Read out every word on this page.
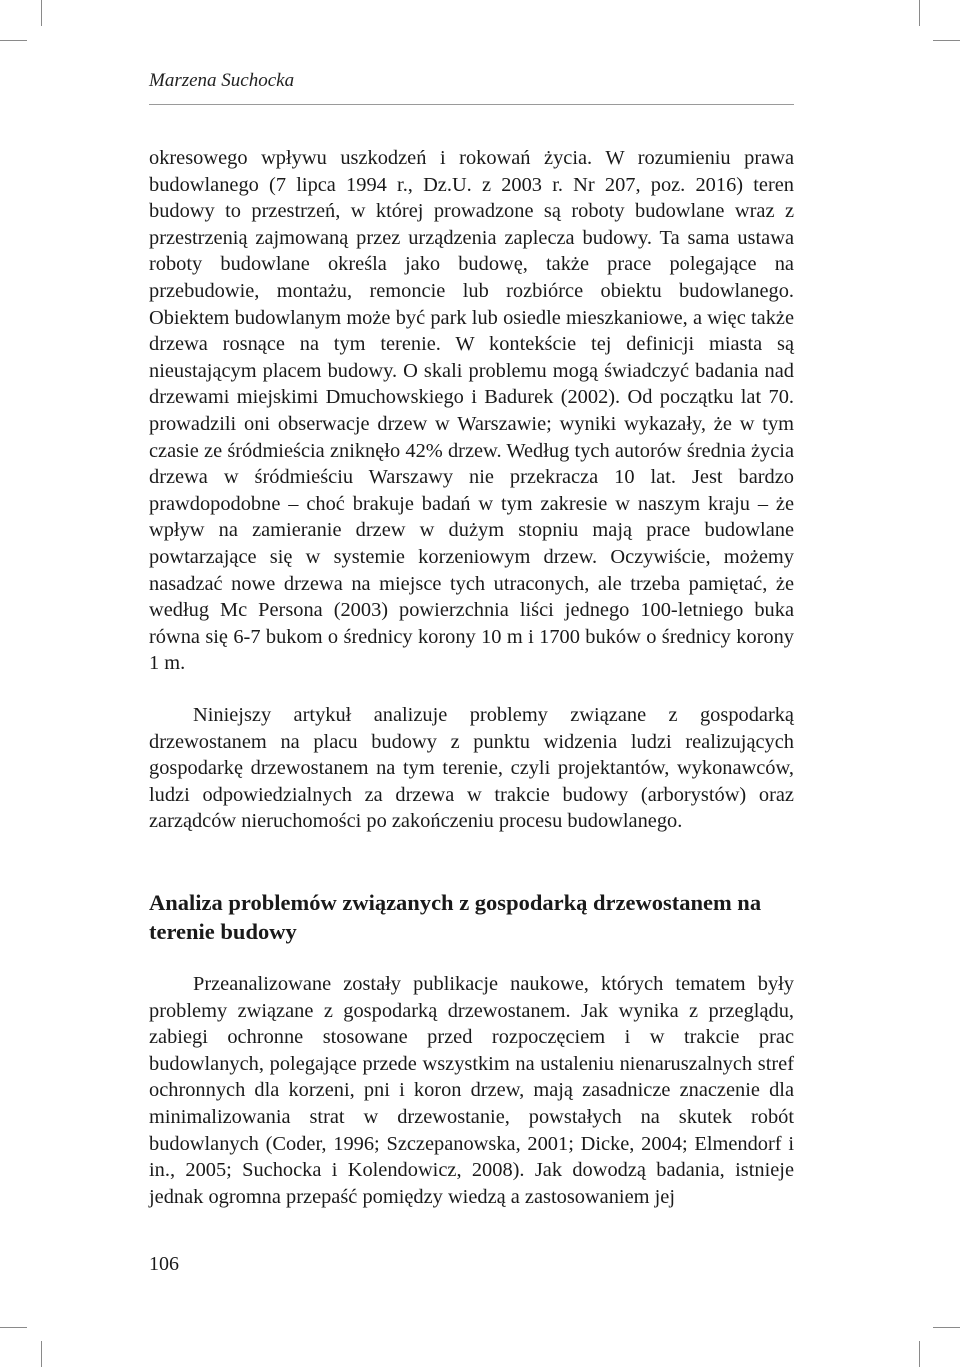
Marzena Suchocka

okresowego wpływu uszkodzeń i rokowań życia. W rozumieniu prawa budowlanego (7 lipca 1994 r., Dz.U. z 2003 r. Nr 207, poz. 2016) teren budowy to przestrzeń, w której prowadzone są roboty budowlane wraz z przestrzenią zajmowaną przez urządzenia zaplecza budowy. Ta sama ustawa roboty budowlane określa jako budowę, także prace polegające na przebudowie, montażu, remoncie lub rozbiórce obiektu budowlanego. Obiektem budowlanym może być park lub osiedle mieszkaniowe, a więc także drzewa rosnące na tym terenie. W kontekście tej definicji miasta są nieustającym placem budowy. O skali problemu mogą świadczyć badania nad drzewami miejskimi Dmuchowskiego i Badurek (2002). Od początku lat 70. prowadzili oni obserwacje drzew w Warszawie; wyniki wykazały, że w tym czasie ze śródmieścia zniknęło 42% drzew. Według tych autorów średnia życia drzewa w śródmieściu Warszawy nie przekracza 10 lat. Jest bardzo prawdopodobne – choć brakuje badań w tym zakresie w naszym kraju – że wpływ na zamieranie drzew w dużym stopniu mają prace budowlane powtarzające się w systemie korzeniowym drzew. Oczywiście, możemy nasadzać nowe drzewa na miejsce tych utraconych, ale trzeba pamiętać, że według Mc Persona (2003) powierzchnia liści jednego 100-letniego buka równa się 6-7 bukom o średnicy korony 10 m i 1700 buków o średnicy korony 1 m.

Niniejszy artykuł analizuje problemy związane z gospodarką drzewostanem na placu budowy z punktu widzenia ludzi realizujących gospodarkę drzewostanem na tym terenie, czyli projektantów, wykonawców, ludzi odpowiedzialnych za drzewa w trakcie budowy (arborystów) oraz zarządców nieruchomości po zakończeniu procesu budowlanego.

Analiza problemów związanych z gospodarką drzewostanem na terenie budowy

Przeanalizowane zostały publikacje naukowe, których tematem były problemy związane z gospodarką drzewostanem. Jak wynika z przeglądu, zabiegi ochronne stosowane przed rozpoczęciem i w trakcie prac budowlanych, polegające przede wszystkim na ustaleniu nienaruszalnych stref ochronnych dla korzeni, pni i koron drzew, mają zasadnicze znaczenie dla minimalizowania strat w drzewostanie, powstałych na skutek robót budowlanych (Coder, 1996; Szczepanowska, 2001; Dicke, 2004; Elmendorf i in., 2005; Suchocka i Kolendowicz, 2008). Jak dowodzą badania, istnieje jednak ogromna przepaść pomiędzy wiedzą a zastosowaniem jej

106
